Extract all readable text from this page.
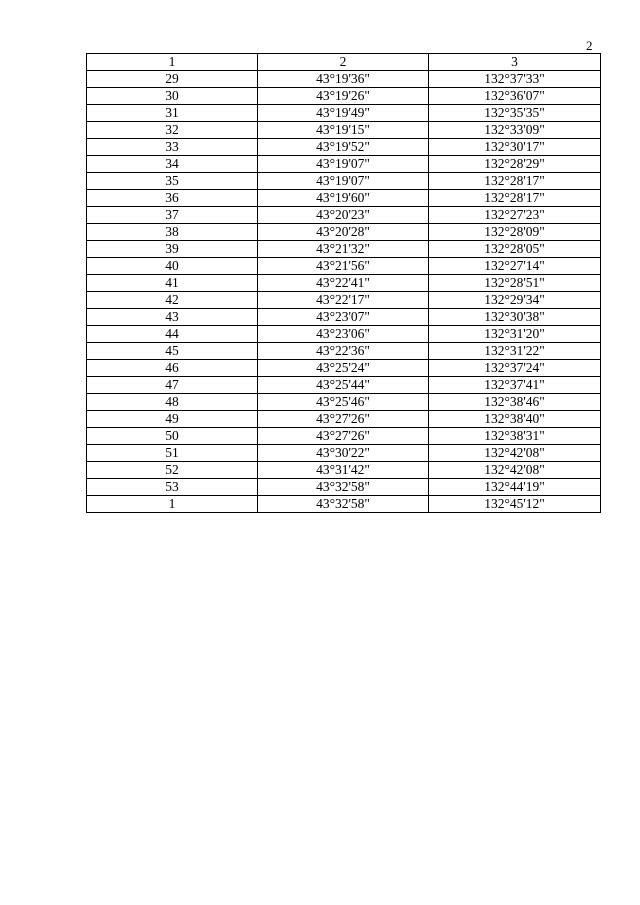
2
1	2	3
29	43°19'36"	132°37'33"
30	43°19'26"	132°36'07"
31	43°19'49"	132°35'35"
32	43°19'15"	132°33'09"
33	43°19'52"	132°30'17"
34	43°19'07"	132°28'29"
35	43°19'07"	132°28'17"
36	43°19'60"	132°28'17"
37	43°20'23"	132°27'23"
38	43°20'28"	132°28'09"
39	43°21'32"	132°28'05"
40	43°21'56"	132°27'14"
41	43°22'41"	132°28'51"
42	43°22'17"	132°29'34"
43	43°23'07"	132°30'38"
44	43°23'06"	132°31'20"
45	43°22'36"	132°31'22"
46	43°25'24"	132°37'24"
47	43°25'44"	132°37'41"
48	43°25'46"	132°38'46"
49	43°27'26"	132°38'40"
50	43°27'26"	132°38'31"
51	43°30'22"	132°42'08"
52	43°31'42"	132°42'08"
53	43°32'58"	132°44'19"
1	43°32'58"	132°45'12"
